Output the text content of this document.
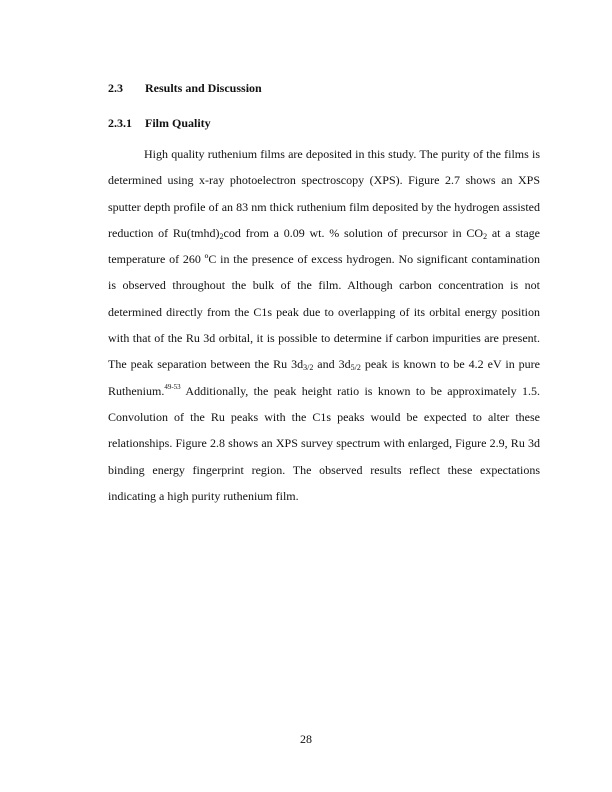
2.3 Results and Discussion
2.3.1 Film Quality

High quality ruthenium films are deposited in this study. The purity of the films is determined using x-ray photoelectron spectroscopy (XPS). Figure 2.7 shows an XPS sputter depth profile of an 83 nm thick ruthenium film deposited by the hydrogen assisted reduction of $Ru(tmhd)_2cod$ from a 0.09 wt. % solution of precursor in $CO_2$ at a stage temperature of 260 ºC in the presence of excess hydrogen. No significant contamination is observed throughout the bulk of the film. Although carbon concentration is not determined directly from the C1s peak due to overlapping of its orbital energy position with that of the Ru 3d orbital, it is possible to determine if carbon impurities are present. The peak separation between the Ru $3d_{3/2}$ and $3d_{5/2}$ peak is known to be 4.2 eV in pure Ruthenium.$^{49-53}$ Additionally, the peak height ratio is known to be approximately 1.5. Convolution of the Ru peaks with the C1s peaks would be expected to alter these relationships. Figure 2.8 shows an XPS survey spectrum with enlarged, Figure 2.9, Ru 3d binding energy fingerprint region. The observed results reflect these expectations indicating a high purity ruthenium film.

28
